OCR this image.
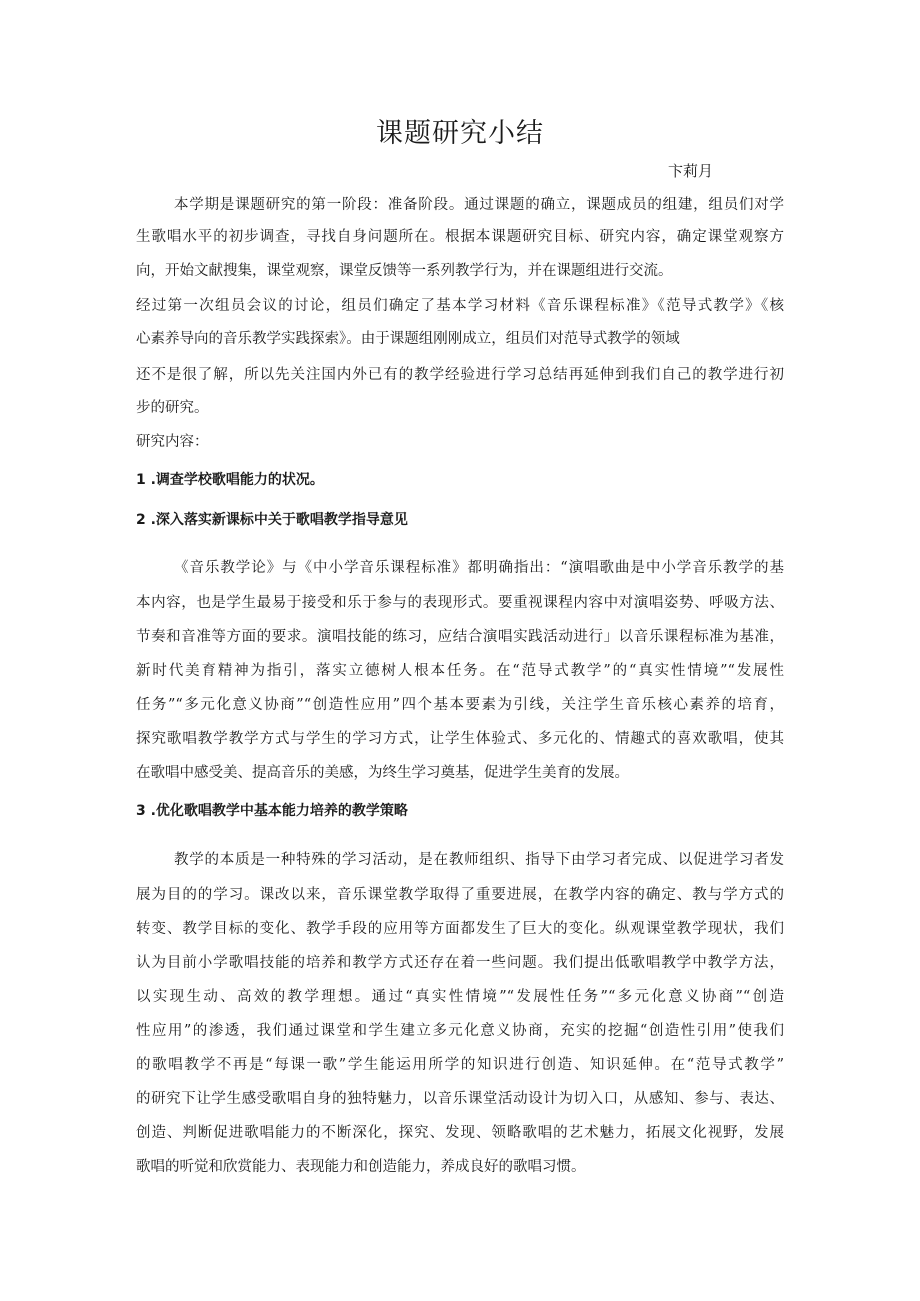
课题研究小结
卞莉月
本学期是课题研究的第一阶段：准备阶段。通过课题的确立，课题成员的组建，组员们对学
生歌唱水平的初步调查，寻找自身问题所在。根据本课题研究目标、研究内容，确定课堂观察方
向，开始文献搜集，课堂观察，课堂反馈等一系列教学行为，并在课题组进行交流。
经过第一次组员会议的讨论，组员们确定了基本学习材料《音乐课程标准》《范导式教学》《核
心素养导向的音乐教学实践探索》。由于课题组刚刚成立，组员们对范导式教学的领域
还不是很了解，所以先关注国内外已有的教学经验进行学习总结再延伸到我们自己的教学进行初
步的研究。
研究内容：
1 .调查学校歌唱能力的状况。
2 .深入落实新课标中关于歌唱教学指导意见
《音乐教学论》与《中小学音乐课程标准》都明确指出：“演唱歌曲是中小学音乐教学的基
本内容，也是学生最易于接受和乐于参与的表现形式。要重视课程内容中对演唱姿势、呼吸方法、
节奏和音准等方面的要求。演唱技能的练习，应结合演唱实践活动进行」以音乐课程标准为基准，
新时代美育精神为指引，落实立德树人根本任务。在“范导式教学”的“真实性情境”“发展性
任务”“多元化意义协商”“创造性应用”四个基本要素为引线，关注学生音乐核心素养的培育，
探究歌唱教学教学方式与学生的学习方式，让学生体验式、多元化的、情趣式的喜欢歌唱，使其
在歌唱中感受美、提高音乐的美感，为终生学习奠基，促进学生美育的发展。
3 .优化歌唱教学中基本能力培养的教学策略
教学的本质是一种特殊的学习活动，是在教师组织、指导下由学习者完成、以促进学习者发
展为目的的学习。课改以来，音乐课堂教学取得了重要进展，在教学内容的确定、教与学方式的
转变、教学目标的变化、教学手段的应用等方面都发生了巨大的变化。纵观课堂教学现状，我们
认为目前小学歌唱技能的培养和教学方式还存在着一些问题。我们提出低歌唱教学中教学方法，
以实现生动、高效的教学理想。通过“真实性情境”“发展性任务”“多元化意义协商”“创造
性应用”的渗透，我们通过课堂和学生建立多元化意义协商，充实的挖掘“创造性引用”使我们
的歌唱教学不再是“每课一歌”学生能运用所学的知识进行创造、知识延伸。在“范导式教学”
的研究下让学生感受歌唱自身的独特魅力，以音乐课堂活动设计为切入口，从感知、参与、表达、
创造、判断促进歌唱能力的不断深化，探究、发现、领略歌唱的艺术魅力，拓展文化视野，发展
歌唱的听觉和欣赏能力、表现能力和创造能力，养成良好的歌唱习惯。
